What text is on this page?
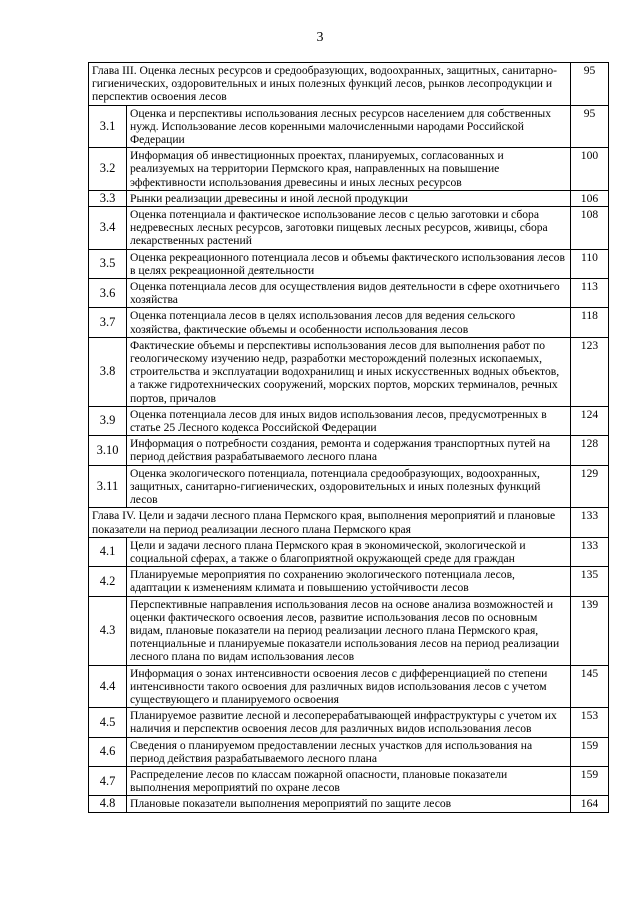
3
Глава III. Оценка лесных ресурсов и средообразующих, водоохранных, защитных, санитарно-гигиенических, оздоровительных и иных полезных функций лесов, рынков лесопродукции и перспектив освоения лесов		95
3.1	Оценка и перспективы использования лесных ресурсов населением для собственных нужд. Использование лесов коренными малочисленными народами Российской Федерации	95
3.2	Информация об инвестиционных проектах, планируемых, согласованных и реализуемых на территории Пермского края, направленных на повышение эффективности использования древесины и иных лесных ресурсов	100
3.3	Рынки реализации древесины и иной лесной продукции	106
3.4	Оценка потенциала и фактическое использование лесов с целью заготовки и сбора недревесных лесных ресурсов, заготовки пищевых лесных ресурсов, живицы, сбора лекарственных растений	108
3.5	Оценка рекреационного потенциала лесов и объемы фактического использования лесов в целях рекреационной деятельности	110
3.6	Оценка потенциала лесов для осуществления видов деятельности в сфере охотничьего хозяйства	113
3.7	Оценка потенциала лесов в целях использования лесов для ведения сельского хозяйства, фактические объемы и особенности использования лесов	118
3.8	Фактические объемы и перспективы использования лесов для выполнения работ по геологическому изучению недр, разработки месторождений полезных ископаемых, строительства и эксплуатации водохранилищ и иных искусственных водных объектов, а также гидротехнических сооружений, морских портов, морских терминалов, речных портов, причалов	123
3.9	Оценка потенциала лесов для иных видов использования лесов, предусмотренных в статье 25 Лесного кодекса Российской Федерации	124
3.10	Информация о потребности создания, ремонта и содержания транспортных путей на период действия разрабатываемого лесного плана	128
3.11	Оценка экологического потенциала, потенциала средообразующих, водоохранных, защитных, санитарно-гигиенических, оздоровительных и иных полезных функций лесов	129
Глава IV. Цели и задачи лесного плана Пермского края, выполнения мероприятий и плановые показатели на период реализации лесного плана Пермского края		133
4.1	Цели и задачи лесного плана Пермского края в экономической, экологической и социальной сферах, а также о благоприятной окружающей среде для граждан	133
4.2	Планируемые мероприятия по сохранению экологического потенциала лесов, адаптации к изменениям климата и повышению устойчивости лесов	135
4.3	Перспективные направления использования лесов на основе анализа возможностей и оценки фактического освоения лесов, развитие использования лесов по основным видам, плановые показатели на период реализации лесного плана Пермского края, потенциальные и планируемые показатели использования лесов на период реализации лесного плана по видам использования лесов	139
4.4	Информация о зонах интенсивности освоения лесов с дифференциацией по степени интенсивности такого освоения для различных видов использования лесов с учетом существующего и планируемого освоения	145
4.5	Планируемое развитие лесной и лесоперерабатывающей инфраструктуры с учетом их наличия и перспектив освоения лесов для различных видов использования лесов	153
4.6	Сведения о планируемом предоставлении лесных участков для использования на период действия разрабатываемого лесного плана	159
4.7	Распределение лесов по классам пожарной опасности, плановые показатели выполнения мероприятий по охране лесов	159
4.8	Плановые показатели выполнения мероприятий по защите лесов	164
